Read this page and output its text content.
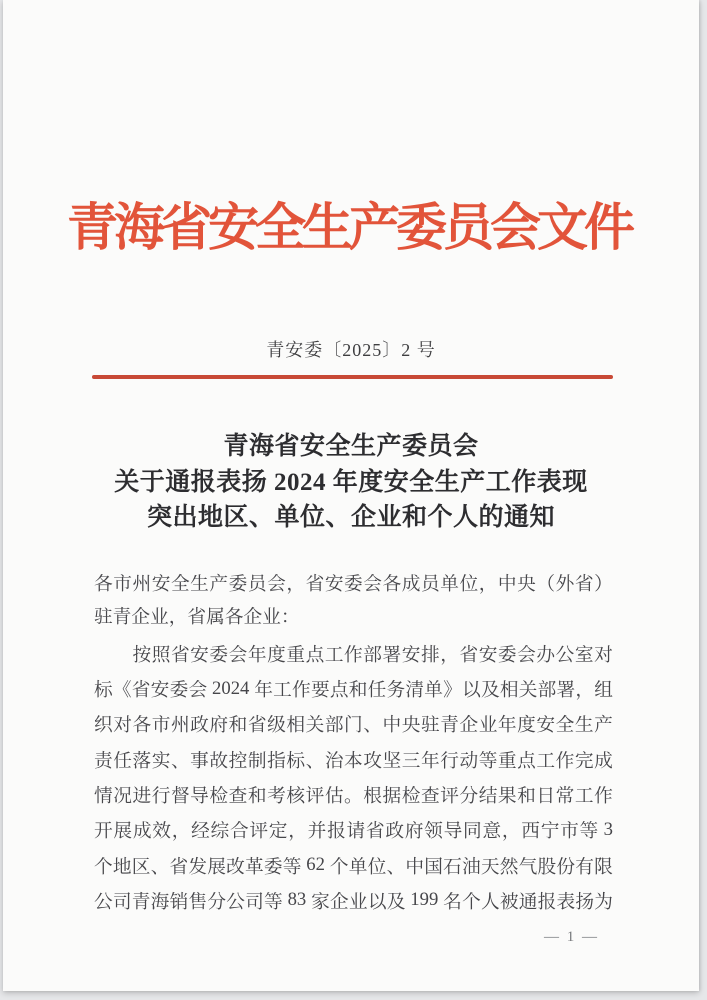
青海省安全生产委员会文件
青安委〔2025〕2 号
青海省安全生产委员会
关于通报表扬 2024 年度安全生产工作表现
突出地区、单位、企业和个人的通知
各 市 州 安 全 生 产 委 员 会 ， 省 安 委 会 各 成 员 单 位 ， 中 央 （ 外 省 ）
驻青企业，省属各企业：

按 照 省 安 委 会 年 度 重 点 工 作 部 署 安 排 ， 省 安 委 会 办 公 室 对
标 《 省 安 委 会 2024 年 工 作 要 点 和 任 务 清 单 》 以 及 相 关 部 署 ， 组
织 对 各 市 州 政 府 和 省 级 相 关 部 门 、 中 央 驻 青 企 业 年 度 安 全 生 产
责 任 落 实 、 事 故 控 制 指 标 、 治 本 攻 坚 三 年 行 动 等 重 点 工 作 完 成
情 况 进 行 督 导 检 查 和 考 核 评 估 。 根 据 检 查 评 分 结 果 和 日 常 工 作
开 展 成 效 ， 经 综 合 评 定 ， 并 报 请 省 政 府 领 导 同 意 ， 西 宁 市 等 3
个 地 区 、 省 发 展 改 革 委 等 62 个 单 位 、 中 国 石 油 天 然 气 股 份 有 限
公 司 青 海 销 售 分 公 司 等 83 家 企 业 以 及 199 名 个 人 被 通 报 表 扬 为
— 1 —
